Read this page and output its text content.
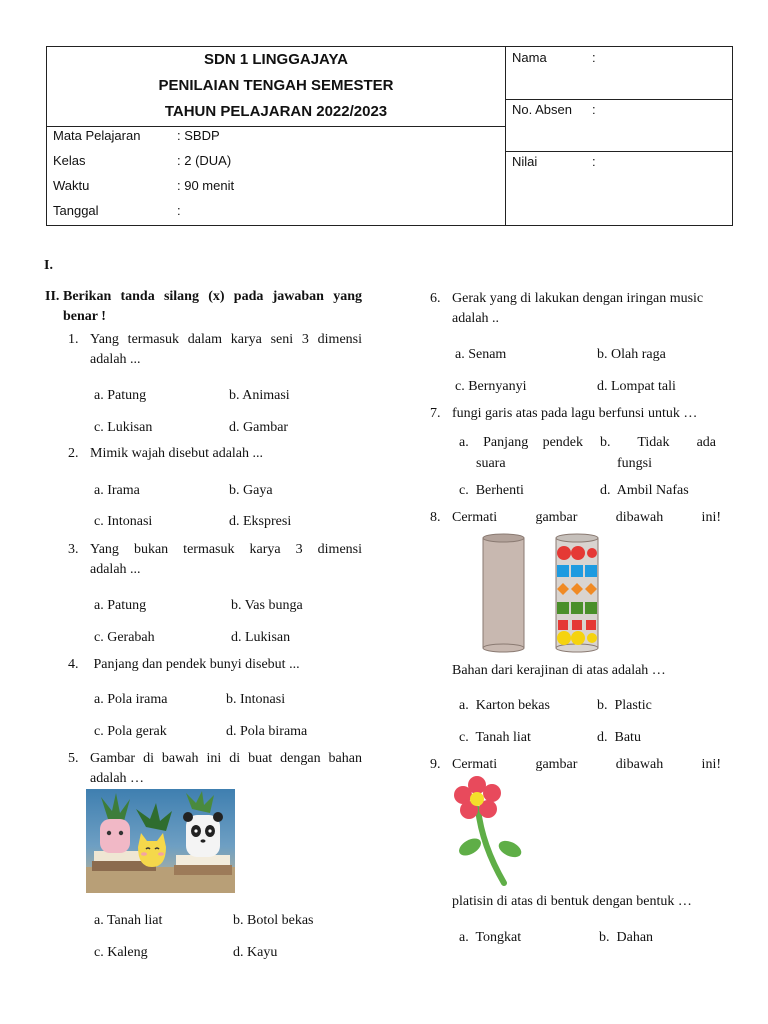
SDN 1 LINGGAJAYA
PENILAIAN TENGAH SEMESTER
TAHUN PELAJARAN 2022/2023
Mata Pelajaran	: SBDP
Kelas	: 2 (DUA)
Waktu	: 90 menit
Tanggal	:
Nama	:
No. Absen :
Nilai	:
I.
II. Berikan tanda silang (x) pada jawaban yang
benar !
1. Yang termasuk dalam karya seni 3 dimensi
adalah ...
a. Patung	b. Animasi
c. Lukisan	d. Gambar
2. Mimik wajah disebut adalah ...
a. Irama	b. Gaya
c. Intonasi	d. Ekspresi
3. Yang bukan termasuk karya 3 dimensi
adalah ...
a. Patung	b. Vas bunga
c. Gerabah	d. Lukisan
4. Panjang dan pendek bunyi disebut ...
a. Pola irama	b. Intonasi
c. Pola gerak	d. Pola birama
5. Gambar di bawah ini di buat dengan bahan
adalah …
a. Tanah liat	b. Botol bekas
c. Kaleng	d. Kayu
6. Gerak yang di lakukan dengan iringan music
adalah ..
a. Senam	b. Olah raga
c. Bernyanyi	d. Lompat tali
7. fungi garis atas pada lagu berfunsi untuk …
a. Panjang pendek
suara
b. Tidak ada
fungsi
c.  Berhenti	d.  Ambil Nafas
8. Cermati gambar dibawah ini!
Bahan dari kerajinan di atas adalah …
a.  Karton bekas	b.  Plastic
c.  Tanah liat	d.  Batu
9. Cermati gambar dibawah ini!
platisin di atas di bentuk dengan bentuk …
a.  Tongkat	b.  Dahan
